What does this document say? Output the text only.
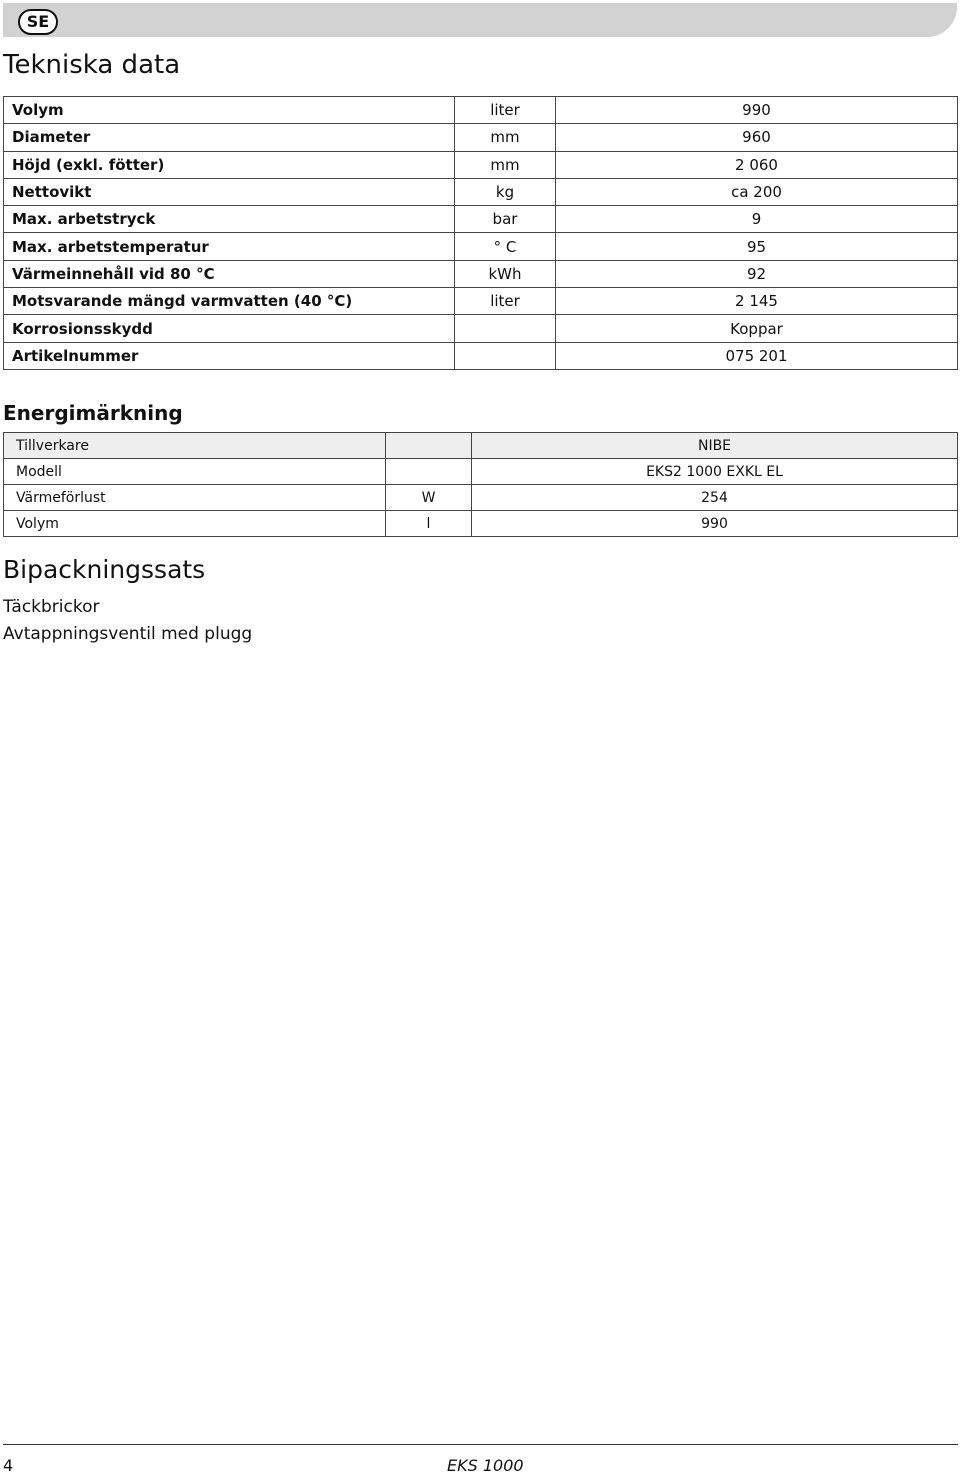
SE
Tekniska data
Volym	liter	990
Diameter	mm	960
Höjd (exkl. fötter)	mm	2 060
Nettovikt	kg	ca 200
Max. arbetstryck	bar	9
Max. arbetstemperatur	° C	95
Värmeinnehåll vid 80 °C	kWh	92
Motsvarande mängd varmvatten (40 °C)	liter	2 145
Korrosionsskydd		Koppar
Artikelnummer		075 201
Energimärkning
Tillverkare		NIBE
Modell		EKS2 1000 EXKL EL
Värmeförlust	W	254
Volym	l	990
Bipackningssats
Täckbrickor
Avtappningsventil med plugg
4	EKS 1000
